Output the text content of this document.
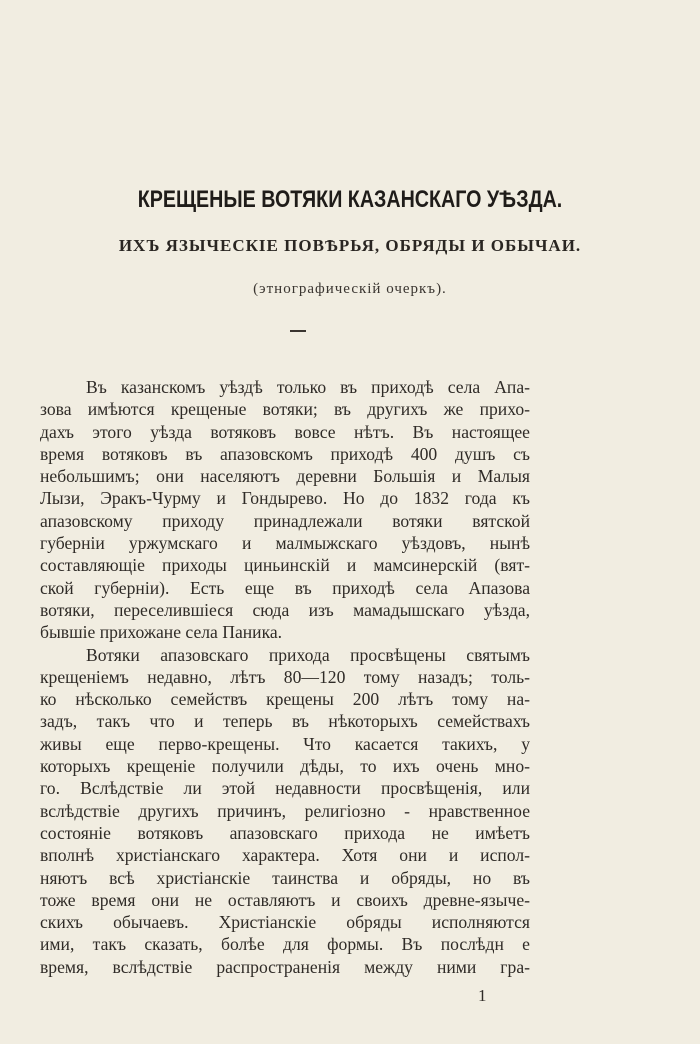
КРЕЩЕНЫЕ ВОТЯКИ КАЗАНСКАГО УѢЗДА.
ИХЪ ЯЗЫЧЕСКІЕ ПОВѢРЬЯ, ОБРЯДЫ И ОБЫЧАИ.
(этнографическій очеркъ).
Въ казанскомъ уѣздѣ только въ приходѣ села Апа-
зова имѣются крещеные вотяки; въ другихъ же прихо-
дахъ этого уѣзда вотяковъ вовсе нѣтъ. Въ настоящее
время вотяковъ въ апазовскомъ приходѣ 400 душъ съ
небольшимъ; они населяютъ деревни Большія и Малыя
Лызи, Эракъ-Чурму и Гондырево. Но до 1832 года къ
апазовскому приходу принадлежали вотяки вятской
губерніи уржумскаго и малмыжскаго уѣздовъ, нынѣ
составляющіе приходы циньинскій и мамсинерскій (вят-
ской губерніи). Есть еще въ приходѣ села Апазова
вотяки, переселившіеся сюда изъ мамадышскаго уѣзда,
бывшіе прихожане села Паника.
Вотяки апазовскаго прихода просвѣщены святымъ
крещеніемъ недавно, лѣтъ 80—120 тому назадъ; толь-
ко нѣсколько семействъ крещены 200 лѣтъ тому на-
задъ, такъ что и теперь въ нѣкоторыхъ семействахъ
живы еще перво-крещены. Что касается такихъ, у
которыхъ крещеніе получили дѣды, то ихъ очень мно-
го. Вслѣдствіе ли этой недавности просвѣщенія, или
вслѣдствіе другихъ причинъ, религіозно - нравственное
состояніе вотяковъ апазовскаго прихода не имѣетъ
вполнѣ христіанскаго характера. Хотя они и испол-
няютъ всѣ христіанскіе таинства и обряды, но въ
тоже время они не оставляютъ и своихъ древне-языче-
скихъ обычаевъ. Христіанскіе обряды исполняются
ими, такъ сказать, болѣе для формы. Въ послѣдн е
время, вслѣдствіе распространенія между ними гра-
1
